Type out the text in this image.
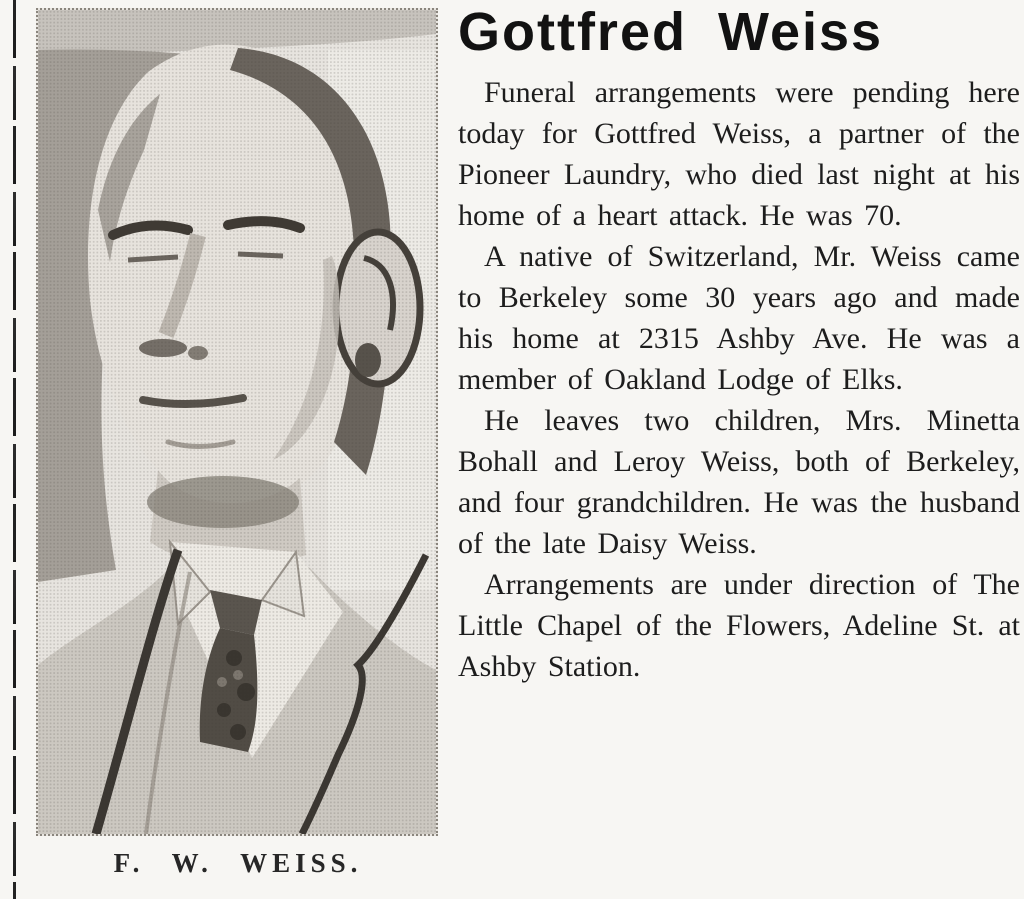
F. W. WEISS.
Gottfred Weiss

Funeral arrangements were pending here today for Gottfred Weiss, a partner of the Pioneer Laundry, who died last night at his home of a heart attack. He was 70.

A native of Switzerland, Mr. Weiss came to Berkeley some 30 years ago and made his home at 2315 Ashby Ave. He was a member of Oakland Lodge of Elks.

He leaves two children, Mrs. Minetta Bohall and Leroy Weiss, both of Berkeley, and four grandchildren. He was the husband of the late Daisy Weiss.

Arrangements are under direction of The Little Chapel of the Flowers, Adeline St. at Ashby Station.
